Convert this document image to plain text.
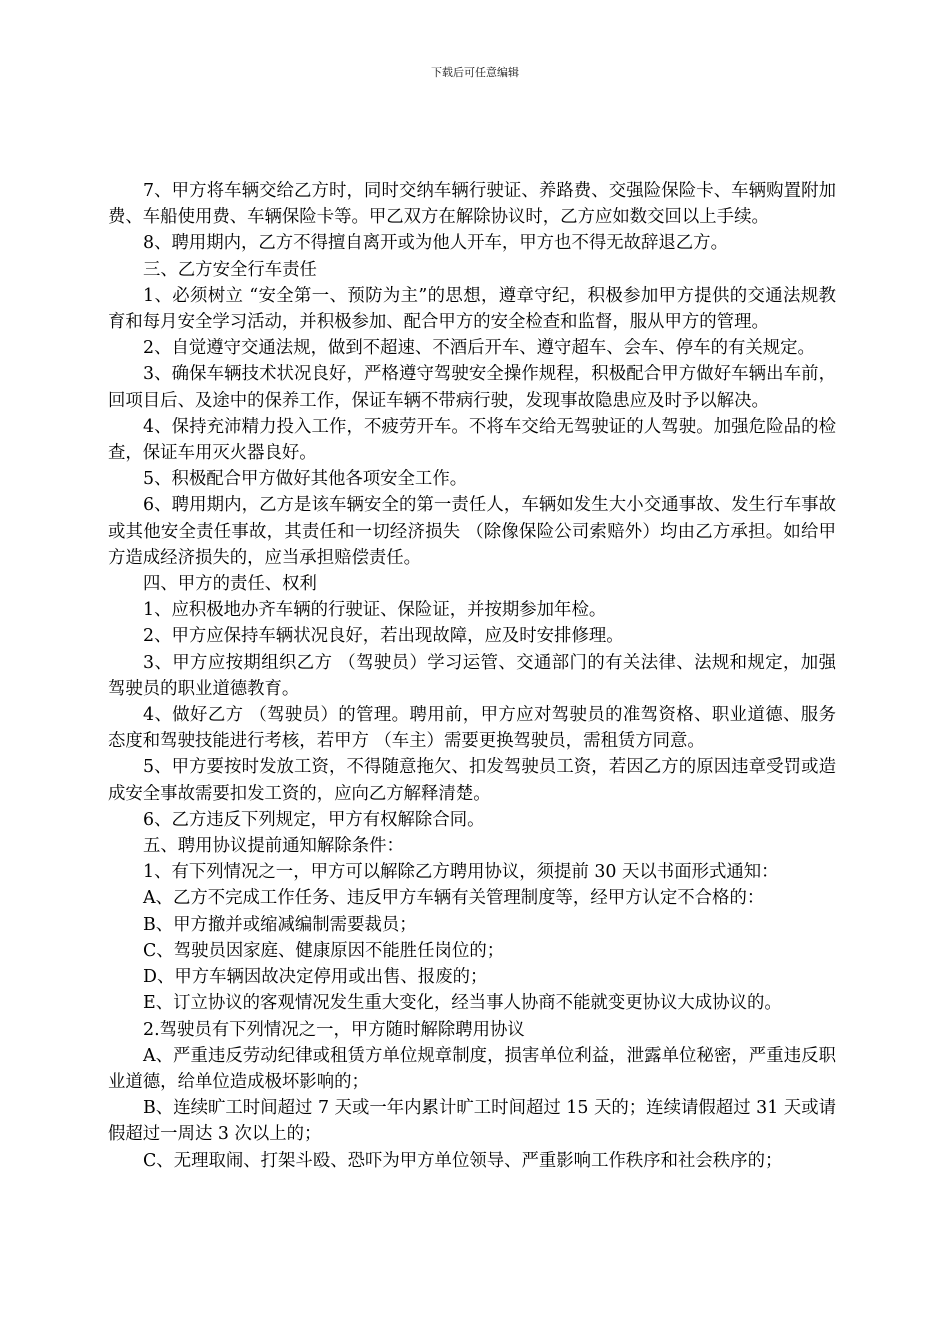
下载后可任意编辑

7、甲方将车辆交给乙方时，同时交纳车辆行驶证、养路费、交强险保险卡、车辆购置附加费、车船使用费、车辆保险卡等。甲乙双方在解除协议时，乙方应如数交回以上手续。

8、聘用期内，乙方不得擅自离开或为他人开车，甲方也不得无故辞退乙方。

三、乙方安全行车责任

1、必须树立 “安全第一、预防为主”的思想，遵章守纪，积极参加甲方提供的交通法规教育和每月安全学习活动，并积极参加、配合甲方的安全检查和监督，服从甲方的管理。

2、自觉遵守交通法规，做到不超速、不酒后开车、遵守超车、会车、停车的有关规定。

3、确保车辆技术状况良好，严格遵守驾驶安全操作规程，积极配合甲方做好车辆出车前，回项目后、及途中的保养工作，保证车辆不带病行驶，发现事故隐患应及时予以解决。

4、保持充沛精力投入工作，不疲劳开车。不将车交给无驾驶证的人驾驶。加强危险品的检查，保证车用灭火器良好。

5、积极配合甲方做好其他各项安全工作。

6、聘用期内，乙方是该车辆安全的第一责任人，车辆如发生大小交通事故、发生行车事故或其他安全责任事故，其责任和一切经济损失 （除像保险公司索赔外）均由乙方承担。如给甲方造成经济损失的，应当承担赔偿责任。

四、甲方的责任、权利

1、应积极地办齐车辆的行驶证、保险证，并按期参加年检。

2、甲方应保持车辆状况良好，若出现故障，应及时安排修理。

3、甲方应按期组织乙方 （驾驶员）学习运管、交通部门的有关法律、法规和规定，加强驾驶员的职业道德教育。

4、做好乙方 （驾驶员）的管理。聘用前，甲方应对驾驶员的准驾资格、职业道德、服务态度和驾驶技能进行考核，若甲方 （车主）需要更换驾驶员，需租赁方同意。

5、甲方要按时发放工资，不得随意拖欠、扣发驾驶员工资，若因乙方的原因违章受罚或造成安全事故需要扣发工资的，应向乙方解释清楚。

6、乙方违反下列规定，甲方有权解除合同。

五、聘用协议提前通知解除条件：

1、有下列情况之一，甲方可以解除乙方聘用协议，须提前 30 天以书面形式通知：

A、乙方不完成工作任务、违反甲方车辆有关管理制度等，经甲方认定不合格的：

B、甲方撤并或缩减编制需要裁员；

C、驾驶员因家庭、健康原因不能胜任岗位的；

D、甲方车辆因故决定停用或出售、报废的；

E、订立协议的客观情况发生重大变化，经当事人协商不能就变更协议大成协议的。

2.驾驶员有下列情况之一，甲方随时解除聘用协议

A、严重违反劳动纪律或租赁方单位规章制度，损害单位利益，泄露单位秘密，严重违反职业道德，给单位造成极坏影响的；

B、连续旷工时间超过 7 天或一年内累计旷工时间超过 15 天的；连续请假超过 31 天或请假超过一周达 3 次以上的；

C、无理取闹、打架斗殴、恐吓为甲方单位领导、严重影响工作秩序和社会秩序的；
